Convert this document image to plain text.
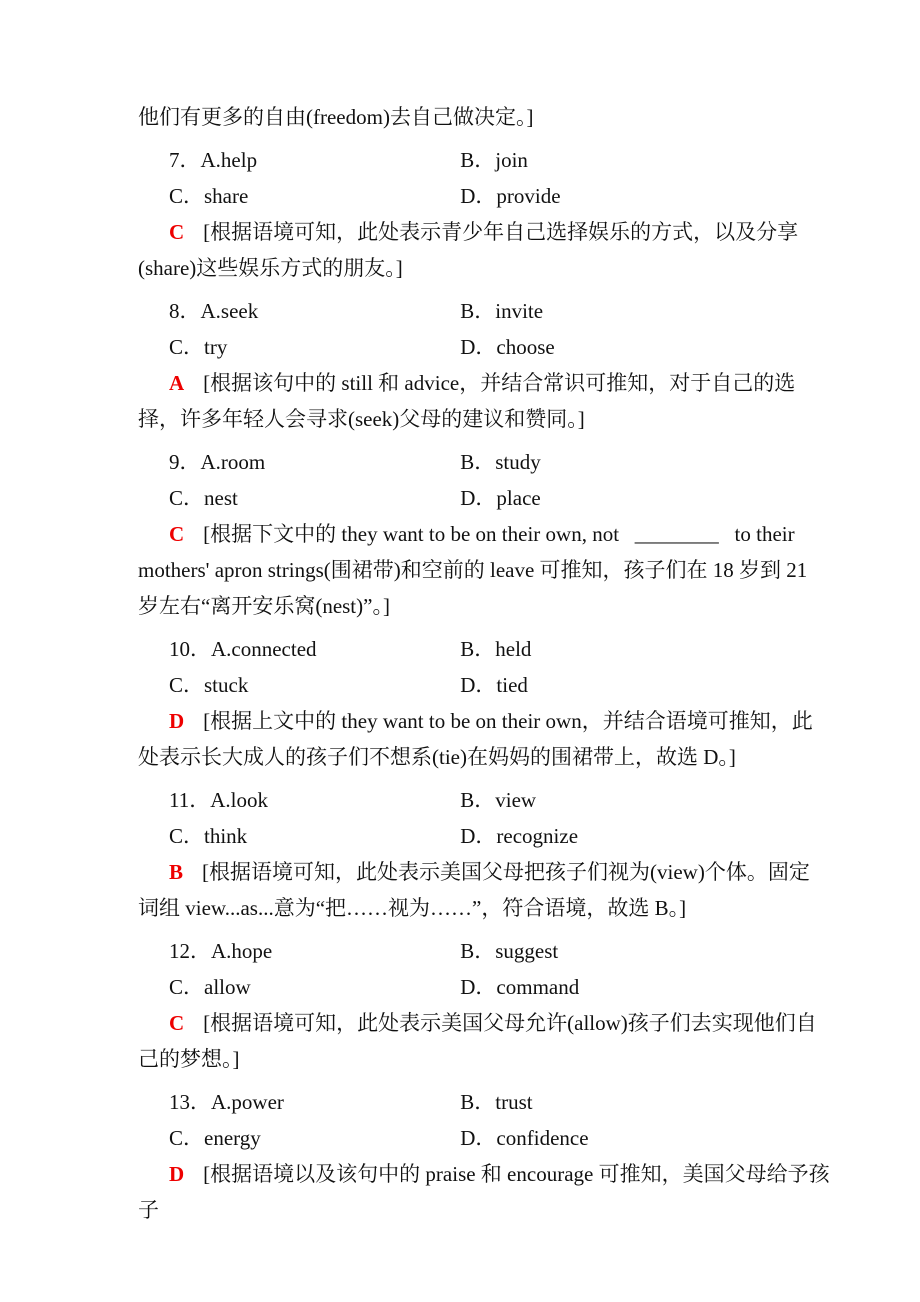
他们有更多的自由(freedom)去自己做决定。]

7．A.help	B．join
C．share	D．provide

C [根据语境可知，此处表示青少年自己选择娱乐的方式，以及分享(share)这些娱乐方式的朋友。]

8．A.seek	B．invite
C．try	D．choose

A [根据该句中的 still 和 advice，并结合常识可推知，对于自己的选择，许多年轻人会寻求(seek)父母的建议和赞同。]

9．A.room	B．study
C．nest	D．place

C [根据下文中的 they want to be on their own, not   ________   to their mothers' apron strings(围裙带)和空前的 leave 可推知，孩子们在 18 岁到 21 岁左右“离开安乐窝(nest)”。]

10．A.connected	B．held
C．stuck	D．tied

D [根据上文中的 they want to be on their own，并结合语境可推知，此处表示长大成人的孩子们不想系(tie)在妈妈的围裙带上，故选 D。]

11．A.look	B．view
C．think	D．recognize

B [根据语境可知，此处表示美国父母把孩子们视为(view)个体。固定词组 view...as...意为“把……视为……”，符合语境，故选 B。]

12．A.hope	B．suggest
C．allow	D．command

C [根据语境可知，此处表示美国父母允许(allow)孩子们去实现他们自己的梦想。]

13．A.power	B．trust
C．energy	D．confidence

D [根据语境以及该句中的 praise 和 encourage 可推知，美国父母给予孩子
